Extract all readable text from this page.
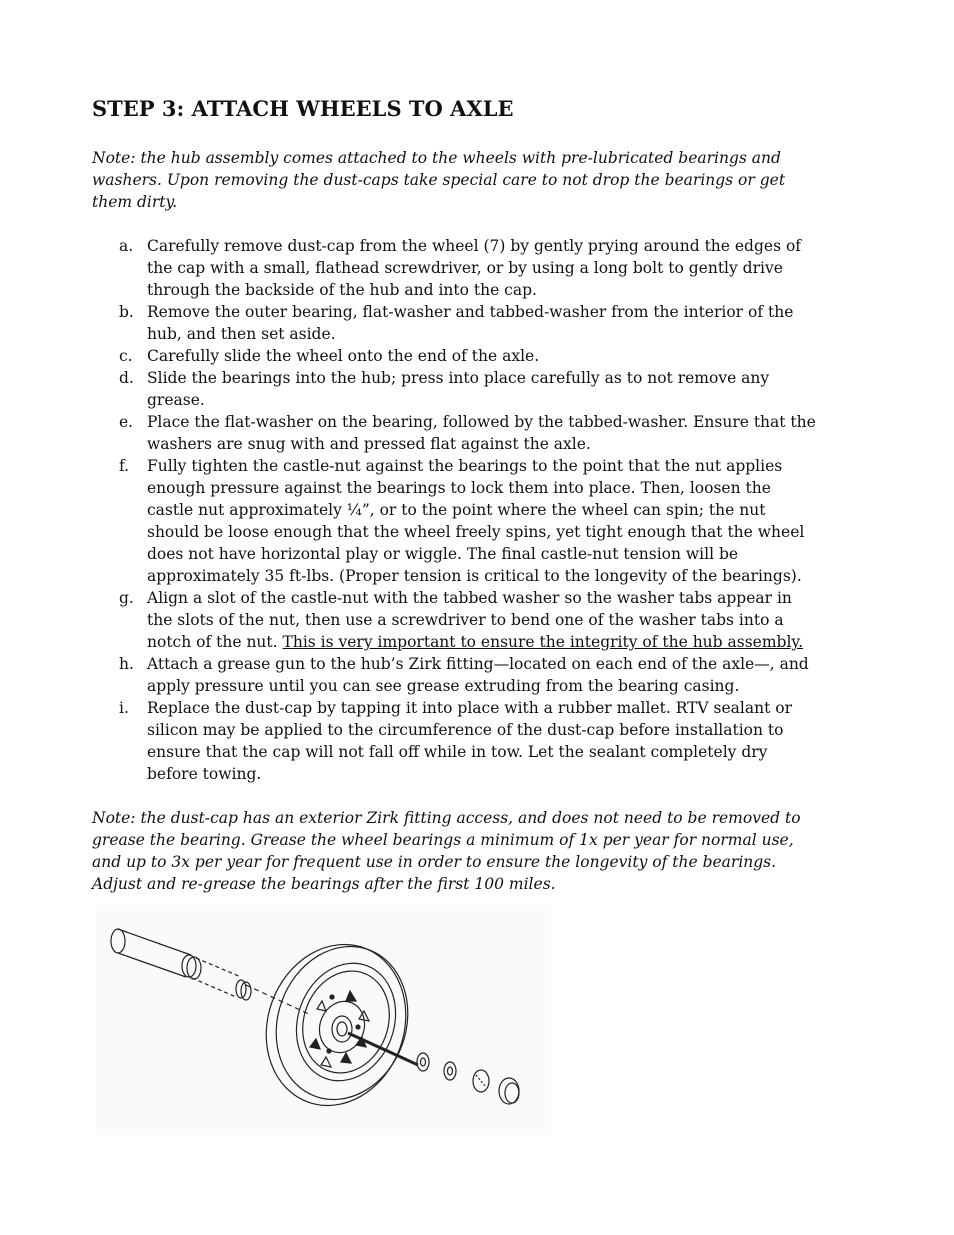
STEP 3: ATTACH WHEELS TO AXLE

Note: the hub assembly comes attached to the wheels with pre-lubricated bearings and washers. Upon removing the dust-caps take special care to not drop the bearings or get them dirty.

a. Carefully remove dust-cap from the wheel (7) by gently prying around the edges of the cap with a small, flathead screwdriver, or by using a long bolt to gently drive through the backside of the hub and into the cap.
b. Remove the outer bearing, flat-washer and tabbed-washer from the interior of the hub, and then set aside.
c. Carefully slide the wheel onto the end of the axle.
d. Slide the bearings into the hub; press into place carefully as to not remove any grease.
e. Place the flat-washer on the bearing, followed by the tabbed-washer. Ensure that the washers are snug with and pressed flat against the axle.
f. Fully tighten the castle-nut against the bearings to the point that the nut applies enough pressure against the bearings to lock them into place. Then, loosen the castle nut approximately ¼”, or to the point where the wheel can spin; the nut should be loose enough that the wheel freely spins, yet tight enough that the wheel does not have horizontal play or wiggle. The final castle-nut tension will be approximately 35 ft-lbs. (Proper tension is critical to the longevity of the bearings).
g. Align a slot of the castle-nut with the tabbed washer so the washer tabs appear in the slots of the nut, then use a screwdriver to bend one of the washer tabs into a notch of the nut. This is very important to ensure the integrity of the hub assembly.
h. Attach a grease gun to the hub’s Zirk fitting—located on each end of the axle—, and apply pressure until you can see grease extruding from the bearing casing.
i. Replace the dust-cap by tapping it into place with a rubber mallet. RTV sealant or silicon may be applied to the circumference of the dust-cap before installation to ensure that the cap will not fall off while in tow. Let the sealant completely dry before towing.

Note: the dust-cap has an exterior Zirk fitting access, and does not need to be removed to grease the bearing. Grease the wheel bearings a minimum of 1x per year for normal use, and up to 3x per year for frequent use in order to ensure the longevity of the bearings. Adjust and re-grease the bearings after the first 100 miles.
